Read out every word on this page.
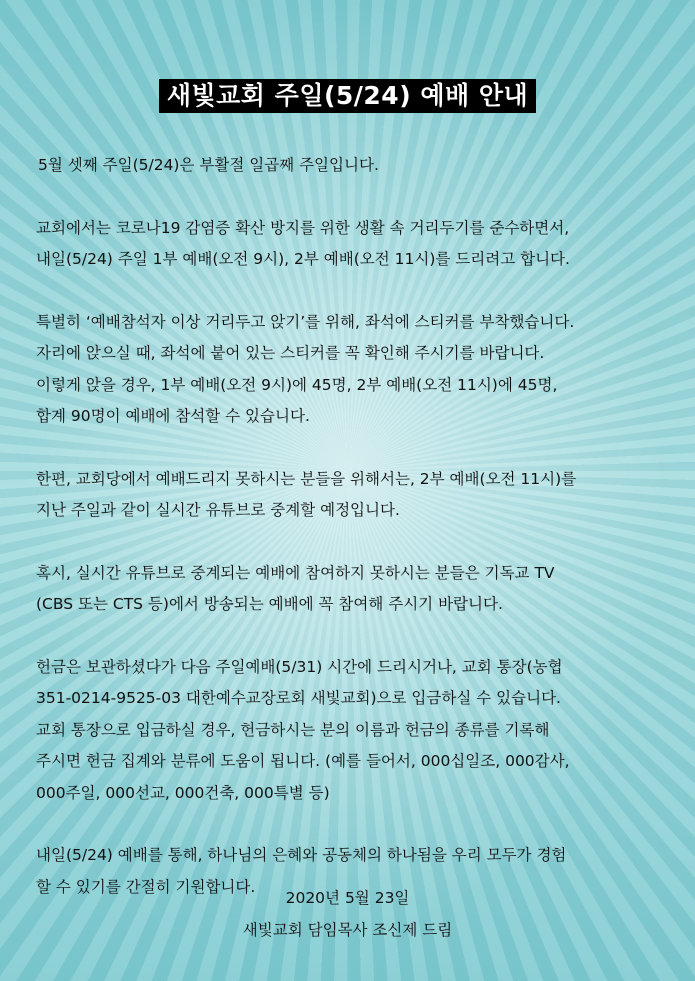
새빛교회 주일(5/24) 예배 안내

5월 셋째 주일(5/24)은 부활절 일곱째 주일입니다.

교회에서는 코로나19 감염증 확산 방지를 위한 생활 속 거리두기를 준수하면서,
내일(5/24) 주일 1부 예배(오전 9시), 2부 예배(오전 11시)를 드리려고 합니다.

특별히 ‘예배참석자 이상 거리두고 앉기’를 위해, 좌석에 스티커를 부착했습니다.
자리에 앉으실 때, 좌석에 붙어 있는 스티커를 꼭 확인해 주시기를 바랍니다.
이렇게 앉을 경우, 1부 예배(오전 9시)에 45명, 2부 예배(오전 11시)에 45명,
합계 90명이 예배에 참석할 수 있습니다.

한편, 교회당에서 예배드리지 못하시는 분들을 위해서는, 2부 예배(오전 11시)를
지난 주일과 같이 실시간 유튜브로 중계할 예정입니다.

혹시, 실시간 유튜브로 중계되는 예배에 참여하지 못하시는 분들은 기독교 TV
(CBS 또는 CTS 등)에서 방송되는 예배에 꼭 참여해 주시기 바랍니다.

헌금은 보관하셨다가 다음 주일예배(5/31) 시간에 드리시거나, 교회 통장(농협
351-0214-9525-03 대한예수교장로회 새빛교회)으로 입금하실 수 있습니다.
교회 통장으로 입금하실 경우, 헌금하시는 분의 이름과 헌금의 종류를 기록해
주시면 헌금 집계와 분류에 도움이 됩니다. (예를 들어서, 000십일조, 000감사,
000주일, 000선교, 000건축, 000특별 등)

내일(5/24) 예배를 통해, 하나님의 은혜와 공동체의 하나됨을 우리 모두가 경험
할 수 있기를 간절히 기원합니다.

2020년 5월 23일
새빛교회 담임목사 조신제 드림
